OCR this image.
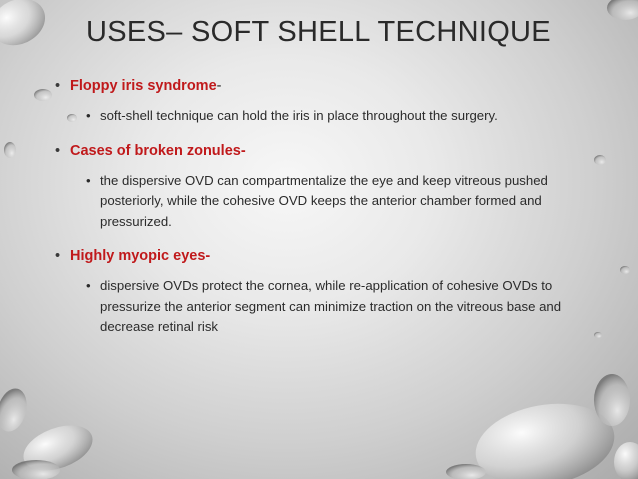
USES– SOFT SHELL TECHNIQUE
• Floppy iris syndrome-
• soft-shell technique can hold the iris in place throughout the surgery.
• Cases of broken zonules-
• the dispersive OVD can compartmentalize the eye and keep vitreous pushed posteriorly, while the cohesive OVD keeps the anterior chamber formed and pressurized.
• Highly myopic eyes-
• dispersive OVDs protect the cornea, while re-application of cohesive OVDs to pressurize the anterior segment can minimize traction on the vitreous base and decrease retinal risk
